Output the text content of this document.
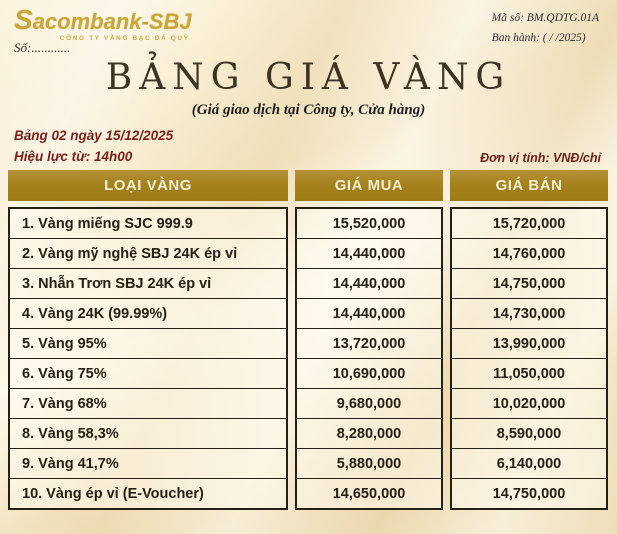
Sacombank-SBJ
CÔNG TY VÀNG BẠC ĐÁ QUÝ
Mã số: BM.QDTG.01A
Ban hành: ( / /2025)
Số:............
BẢNG GIÁ VÀNG
(Giá giao dịch tại Công ty, Cửa hàng)
Bảng 02 ngày 15/12/2025
Hiệu lực từ: 14h00	Đơn vị tính: VNĐ/chỉ
LOẠI VÀNG
1. Vàng miếng SJC 999.9
2. Vàng mỹ nghệ SBJ 24K ép vỉ
3. Nhẫn Trơn SBJ 24K ép vỉ
4. Vàng 24K (99.99%)
5. Vàng 95%
6. Vàng 75%
7. Vàng 68%
8. Vàng 58,3%
9. Vàng 41,7%
10. Vàng ép vỉ (E-Voucher)
GIÁ MUA
15,520,000
14,440,000
14,440,000
14,440,000
13,720,000
10,690,000
9,680,000
8,280,000
5,880,000
14,650,000
GIÁ BÁN
15,720,000
14,760,000
14,750,000
14,730,000
13,990,000
11,050,000
10,020,000
8,590,000
6,140,000
14,750,000
